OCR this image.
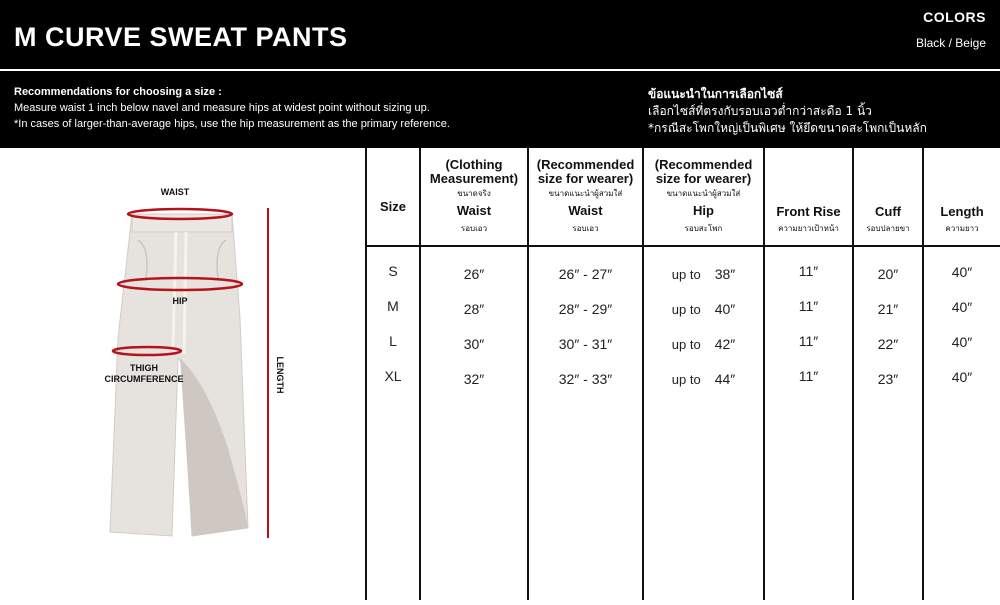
M CURVE SWEAT PANTS
COLORS
Black / Beige
Recommendations for choosing a size :
Measure waist 1 inch below navel and measure hips at widest point without sizing up.
*In cases of larger-than-average hips, use the hip measurement as the primary reference.
ข้อแนะนำในการเลือกไซส์
เลือกไซส์ที่ตรงกับรอบเอวต่ำกว่าสะดือ 1 นิ้ว
*กรณีสะโพกใหญ่เป็นพิเศษ ให้ยึดขนาดสะโพกเป็นหลัก
WAIST
HIP
THIGH
CIRCUMFERENCE	LENGTH
Size
(Clothing
Measurement)
ขนาดจริง
Waist
รอบเอว
(Recommended
size for wearer)
ขนาดแนะนำผู้สวมใส่
Waist
รอบเอว
(Recommended
size for wearer)
ขนาดแนะนำผู้สวมใส่
Hip
รอบสะโพก
Front Rise
ความยาวเป้าหน้า
Cuff
รอบปลายขา
Length
ความยาว
S	26″	26″ - 27″	up to 38″	11″	20″	40″
M	28″	28″ - 29″	up to 40″	11″	21″	40″
L	30″	30″ - 31″	up to 42″	11″	22″	40″
XL	32″	32″ - 33″	up to 44″	11″	23″	40″
